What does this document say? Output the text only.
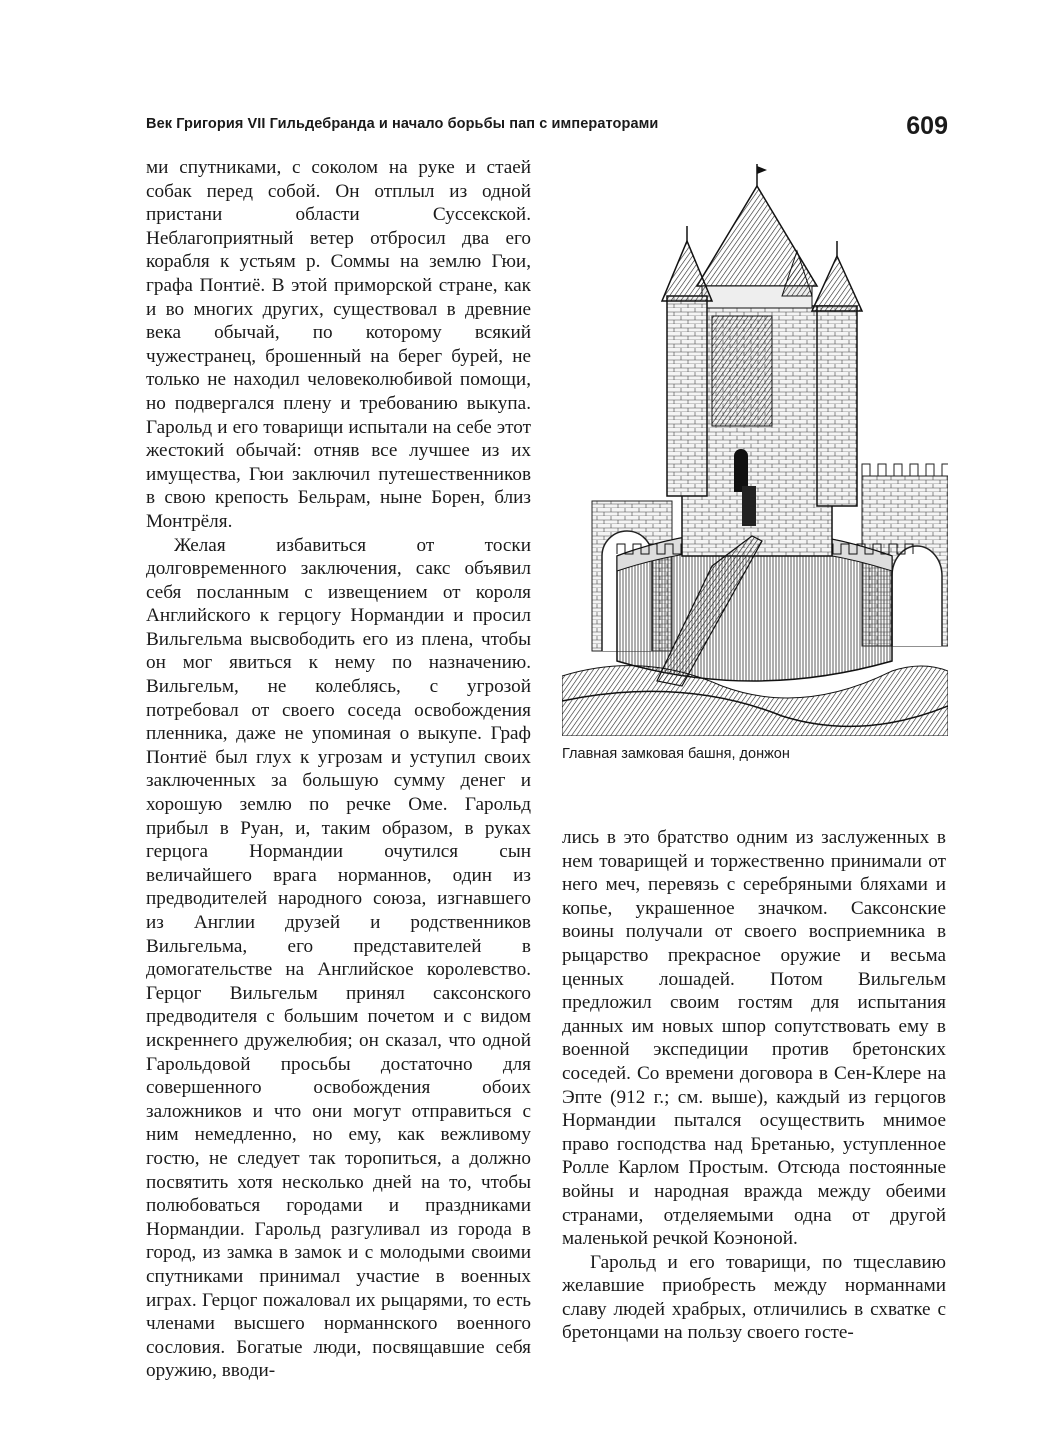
Век Григория VII Гильдебранда и начало борьбы пап с императорами	609

ми спутниками, с соколом на руке и стаей собак перед собой. Он отплыл из одной пристани области Суссекской. Неблагоприятный ветер отбросил два его корабля к устьям р. Соммы на землю Гюи, графа Понтиё. В этой приморской стране, как и во многих других, существовал в древние века обычай, по которому всякий чужестранец, брошенный на берег бурей, не только не находил человеколюбивой помощи, но подвергался плену и требованию выкупа. Гарольд и его товарищи испытали на себе этот жестокий обычай: отняв все лучшее из их имущества, Гюи заключил путешественников в свою крепость Бельрам, ныне Борен, близ Монтрёля.

Желая избавиться от тоски долговременного заключения, сакс объявил себя посланным с извещением от короля Английского к герцогу Нормандии и просил Вильгельма высвободить его из плена, чтобы он мог явиться к нему по назначению. Вильгельм, не колеблясь, с угрозой потребовал от своего соседа освобождения пленника, даже не упоминая о выкупе. Граф Понтиё был глух к угрозам и уступил своих заключенных за большую сумму денег и хорошую землю по речке Оме. Гарольд прибыл в Руан, и, таким образом, в руках герцога Нормандии очутился сын величайшего врага норманнов, один из предводителей народного союза, изгнавшего из Англии друзей и родственников Вильгельма, его представителей в домогательстве на Английское королевство. Герцог Вильгельм принял саксонского предводителя с большим почетом и с видом искреннего дружелюбия; он сказал, что одной Гарольдовой просьбы достаточно для совершенного освобождения обоих заложников и что они могут отправиться с ним немедленно, но ему, как вежливому гостю, не следует так торопиться, а должно посвятить хотя несколько дней на то, чтобы полюбоваться городами и праздниками Нормандии. Гарольд разгуливал из города в город, из замка в замок и с молодыми своими спутниками принимал участие в военных играх. Герцог пожаловал их рыцарями, то есть членами высшего норманнского военного сословия. Богатые люди, посвящавшие себя оружию, вводи-

Главная замковая башня, донжон

лись в это братство одним из заслуженных в нем товарищей и торжественно принимали от него меч, перевязь с серебряными бляхами и копье, украшенное значком. Саксонские воины получали от своего восприемника в рыцарство прекрасное оружие и весьма ценных лошадей. Потом Вильгельм предложил своим гостям для испытания данных им новых шпор сопутствовать ему в военной экспедиции против бретонских соседей. Со времени договора в Сен-Клере на Эпте (912 г.; см. выше), каждый из герцогов Нормандии пытался осуществить мнимое право господства над Бретанью, уступленное Ролле Карлом Простым. Отсюда постоянные войны и народная вражда между обеими странами, отделяемыми одна от другой маленькой речкой Коэноной.

Гарольд и его товарищи, по тщеславию желавшие приобресть между норманнами славу людей храбрых, отличились в схватке с бретонцами на пользу своего госте-
